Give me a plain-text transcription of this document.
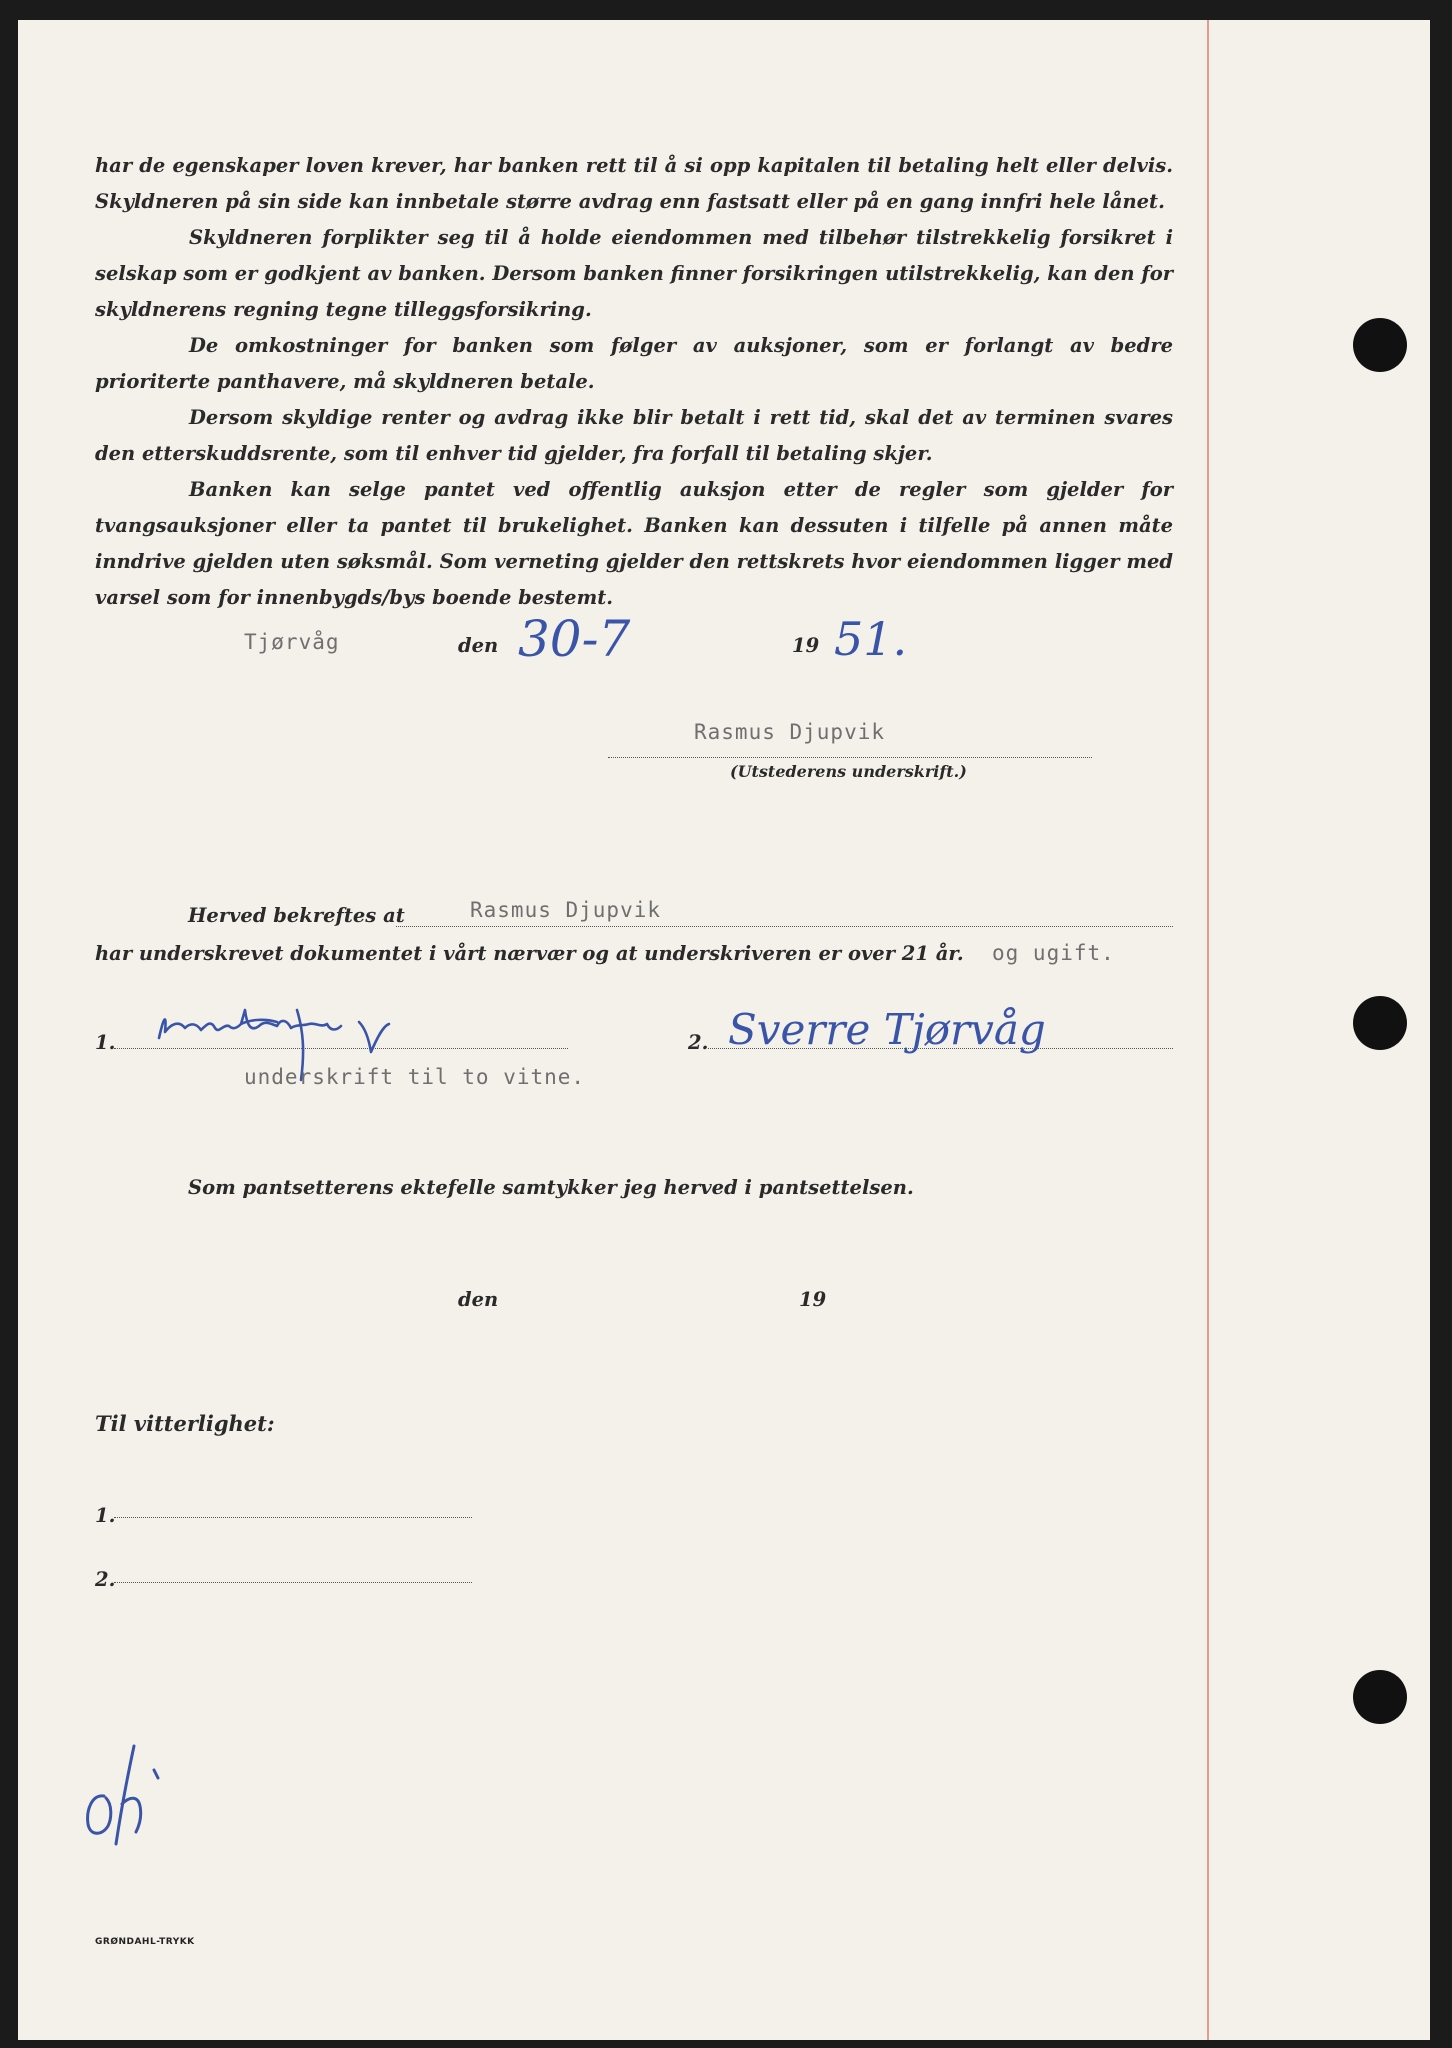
har de egenskaper loven krever, har banken rett til å si opp kapitalen til betaling helt eller delvis. Skyldneren på sin side kan innbetale større avdrag enn fastsatt eller på en gang innfri hele lånet.

Skyldneren forplikter seg til å holde eiendommen med tilbehør tilstrekkelig forsikret i selskap som er godkjent av banken. Dersom banken finner forsikringen utilstrekkelig, kan den for skyldnerens regning tegne tilleggsforsikring.

De omkostninger for banken som følger av auksjoner, som er forlangt av bedre prioriterte panthavere, må skyldneren betale.

Dersom skyldige renter og avdrag ikke blir betalt i rett tid, skal det av terminen svares den etterskuddsrente, som til enhver tid gjelder, fra forfall til betaling skjer.

Banken kan selge pantet ved offentlig auksjon etter de regler som gjelder for tvangsauksjoner eller ta pantet til brukelighet. Banken kan dessuten i tilfelle på annen måte inndrive gjelden uten søksmål. Som verneting gjelder den rettskrets hvor eiendommen ligger med varsel som for innenbygds/bys boende bestemt.

Tjørvåg	den 30-7	19 51.
Rasmus Djupvik
(Utstederens underskrift.)
Herved bekreftes at	Rasmus Djupvik
har underskrevet dokumentet i vårt nærvær og at underskriveren er over 21 år. og ugift.
1.	2. Sverre Tjørvåg
underskrift til to vitne.
Som pantsetterens ektefelle samtykker jeg herved i pantsettelsen.
den	19
Til vitterlighet:
1.
2.
GRØNDAHL-TRYKK
